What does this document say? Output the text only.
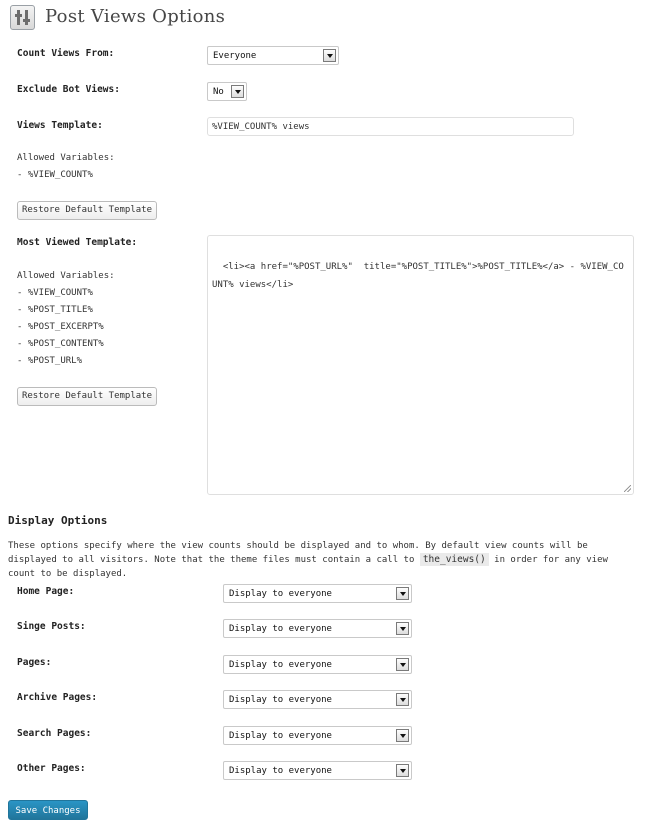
Post Views Options
Count Views From:	Everyone
Exclude Bot Views:	No
Views Template:
%VIEW_COUNT% views
Allowed Variables:
- %VIEW_COUNT%
Restore Default Template
Most Viewed Template:

<li><a href="%POST_URL%"  title="%POST_TITLE%">%POST_TITLE%</a> - %VIEW_COUNT% views</li>

Allowed Variables:
- %VIEW_COUNT%
- %POST_TITLE%
- %POST_EXCERPT%
- %POST_CONTENT%
- %POST_URL%
Restore Default Template
Display Options
These options specify where the view counts should be displayed and to whom. By default view counts will be displayed to all visitors. Note that the theme files must contain a call to the_views() in order for any view count to be displayed.
Home Page:	Display to everyone
Singe Posts:	Display to everyone
Pages:	Display to everyone
Archive Pages:	Display to everyone
Search Pages:	Display to everyone
Other Pages:	Display to everyone
Save Changes
